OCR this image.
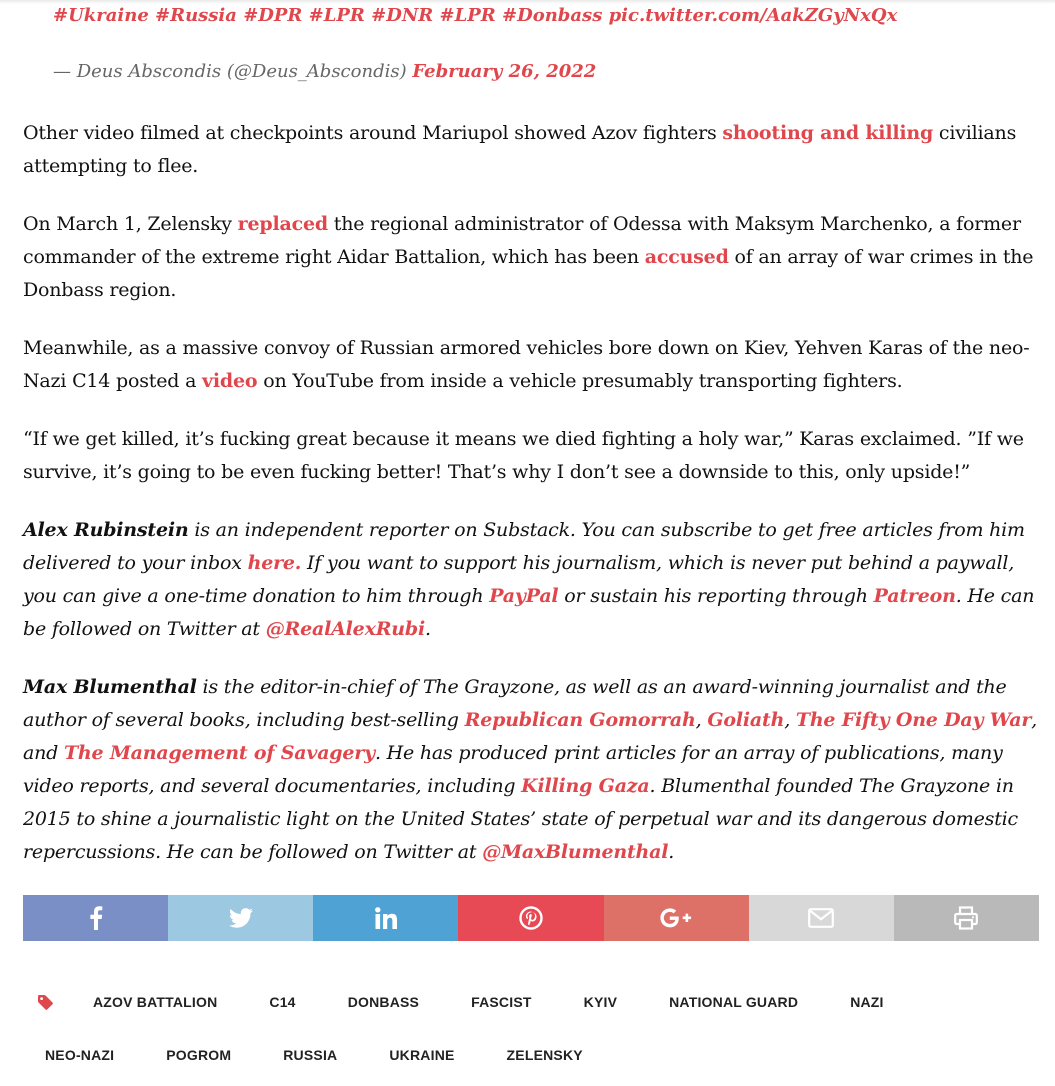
#Ukraine #Russia #DPR #LPR #DNR #LPR #Donbass pic.twitter.com/AakZGyNxQx
— Deus Abscondis (@Deus_Abscondis) February 26, 2022

Other video filmed at checkpoints around Mariupol showed Azov fighters shooting and killing civilians attempting to flee.

On March 1, Zelensky replaced the regional administrator of Odessa with Maksym Marchenko, a former commander of the extreme right Aidar Battalion, which has been accused of an array of war crimes in the Donbass region.

Meanwhile, as a massive convoy of Russian armored vehicles bore down on Kiev, Yehven Karas of the neo-Nazi C14 posted a video on YouTube from inside a vehicle presumably transporting fighters.

“If we get killed, it’s fucking great because it means we died fighting a holy war,” Karas exclaimed. ”If we survive, it’s going to be even fucking better! That’s why I don’t see a downside to this, only upside!”

Alex Rubinstein is an independent reporter on Substack. You can subscribe to get free articles from him delivered to your inbox here. If you want to support his journalism, which is never put behind a paywall, you can give a one-time donation to him through PayPal or sustain his reporting through Patreon. He can be followed on Twitter at @RealAlexRubi.

Max Blumenthal is the editor-in-chief of The Grayzone, as well as an award-winning journalist and the author of several books, including best-selling Republican Gomorrah, Goliath, The Fifty One Day War, and The Management of Savagery. He has produced print articles for an array of publications, many video reports, and several documentaries, including Killing Gaza. Blumenthal founded The Grayzone in 2015 to shine a journalistic light on the United States’ state of perpetual war and its dangerous domestic repercussions. He can be followed on Twitter at @MaxBlumenthal.

AZOV BATTALION	C14	DONBASS	FASCIST	KYIV	NATIONAL GUARD	NAZI
NEO-NAZI	POGROM	RUSSIA	UKRAINE	ZELENSKY
